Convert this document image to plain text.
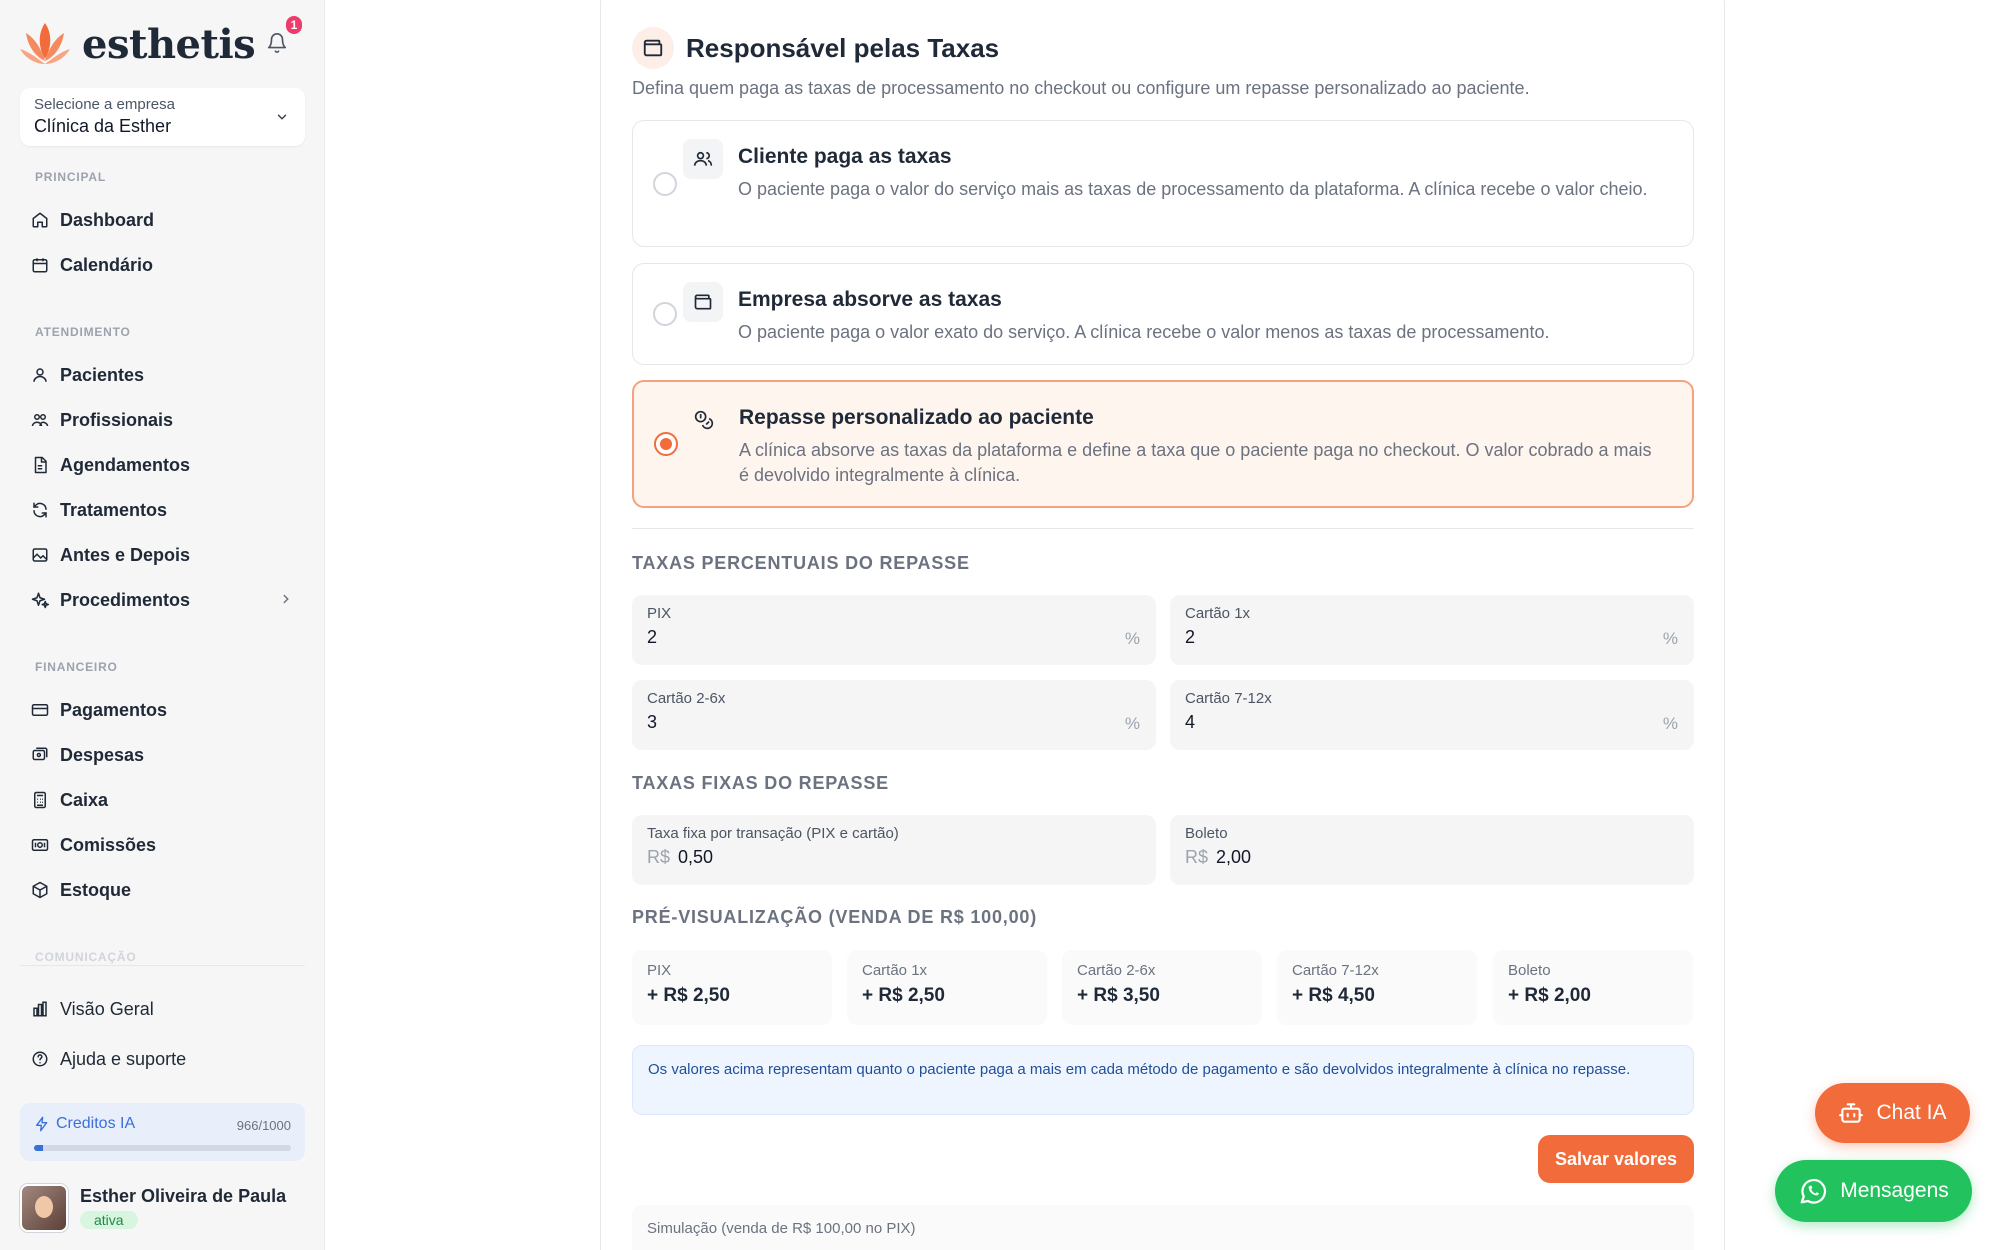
esthetis	1
Selecione a empresa
Clínica da Esther
PRINCIPAL
Dashboard
Calendário
ATENDIMENTO
Pacientes
Profissionais
Agendamentos
Tratamentos
Antes e Depois
Procedimentos
FINANCEIRO
Pagamentos
Despesas
Caixa
Comissões
Estoque
COMUNICAÇÃO
Visão Geral
Ajuda e suporte
Creditos IA	966/1000
Esther Oliveira de Paula
ativa
Responsável pelas Taxas
Defina quem paga as taxas de processamento no checkout ou configure um repasse personalizado ao paciente.
Cliente paga as taxas
O paciente paga o valor do serviço mais as taxas de processamento da plataforma. A clínica recebe o valor cheio.
Empresa absorve as taxas
O paciente paga o valor exato do serviço. A clínica recebe o valor menos as taxas de processamento.
Repasse personalizado ao paciente
A clínica absorve as taxas da plataforma e define a taxa que o paciente paga no checkout. O valor cobrado a mais é devolvido integralmente à clínica.
TAXAS PERCENTUAIS DO REPASSE
PIX
2	%
Cartão 1x
2	%
Cartão 2-6x
3	%
Cartão 7-12x
4	%
TAXAS FIXAS DO REPASSE
Taxa fixa por transação (PIX e cartão)
R$ 0,50
Boleto
R$ 2,00
PRÉ-VISUALIZAÇÃO (VENDA DE R$ 100,00)
PIX
+ R$ 2,50
Cartão 1x
+ R$ 2,50
Cartão 2-6x
+ R$ 3,50
Cartão 7-12x
+ R$ 4,50
Boleto
+ R$ 2,00
Os valores acima representam quanto o paciente paga a mais em cada método de pagamento e são devolvidos integralmente à clínica no repasse.
Salvar valores
Simulação (venda de R$ 100,00 no PIX)
Chat IA
Mensagens
